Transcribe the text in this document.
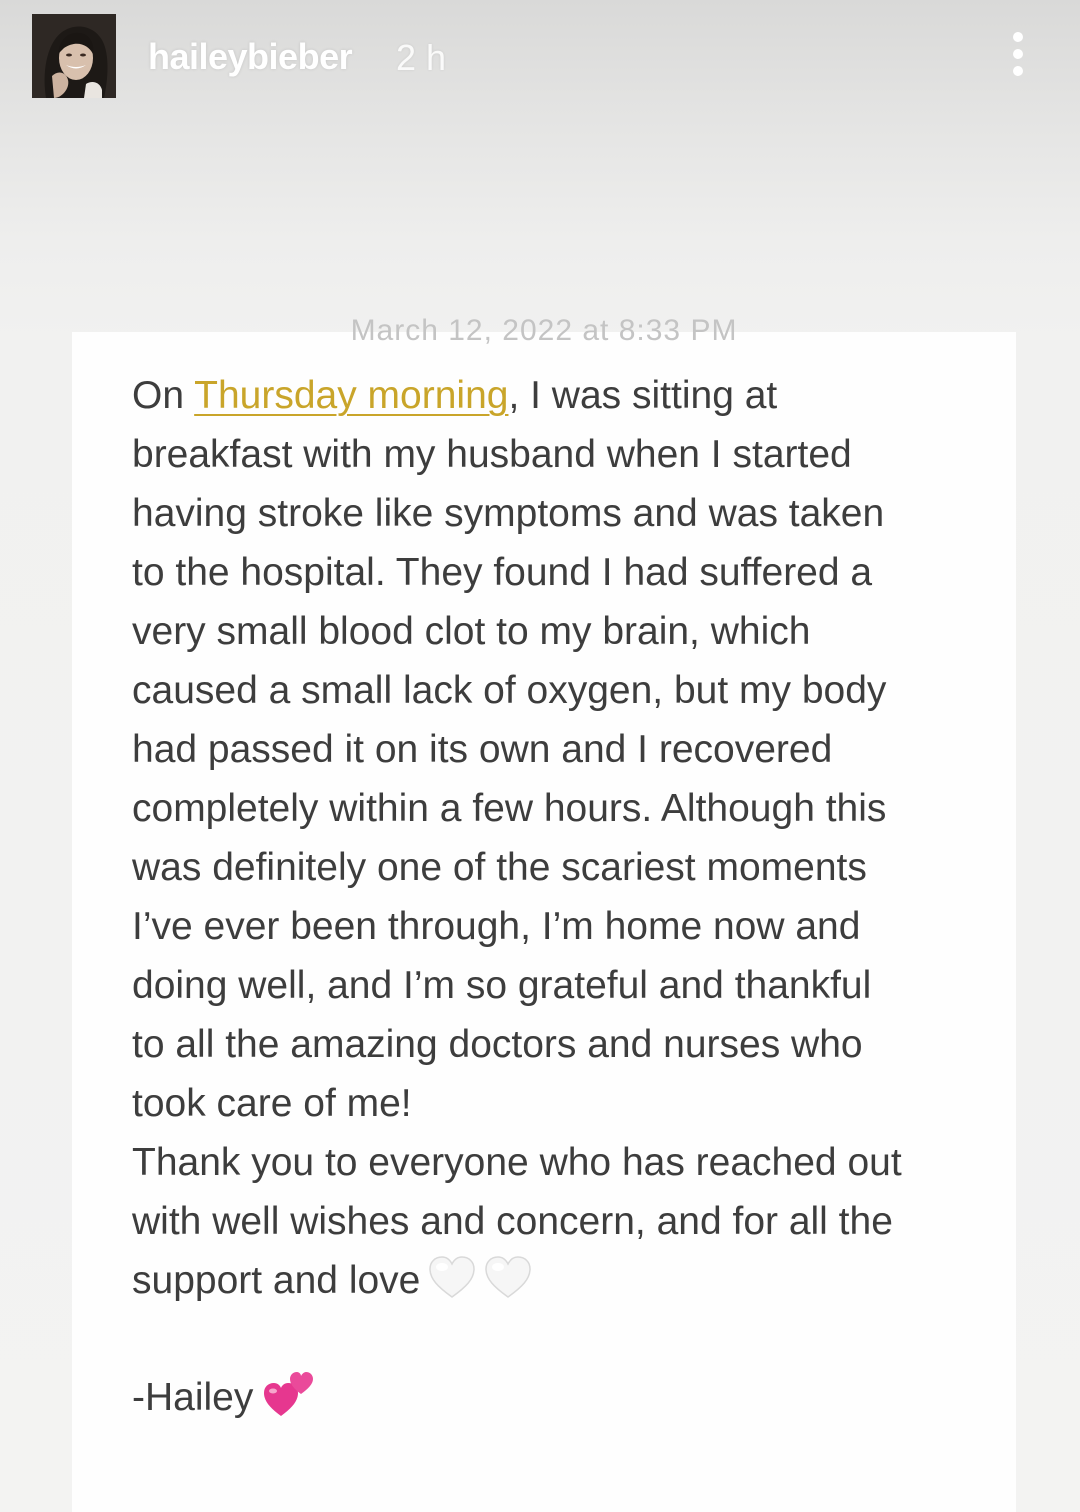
haileybieber 2 h
March 12, 2022 at 8:33 PM

On Thursday morning, I was sitting at
breakfast with my husband when I started
having stroke like symptoms and was taken
to the hospital. They found I had suffered a
very small blood clot to my brain, which
caused a small lack of oxygen, but my body
had passed it on its own and I recovered
completely within a few hours. Although this
was definitely one of the scariest moments
I’ve ever been through, I’m home now and
doing well, and I’m so grateful and thankful
to all the amazing doctors and nurses who
took care of me!

Thank you to everyone who has reached out
with well wishes and concern, and for all the
support and love

-Hailey
